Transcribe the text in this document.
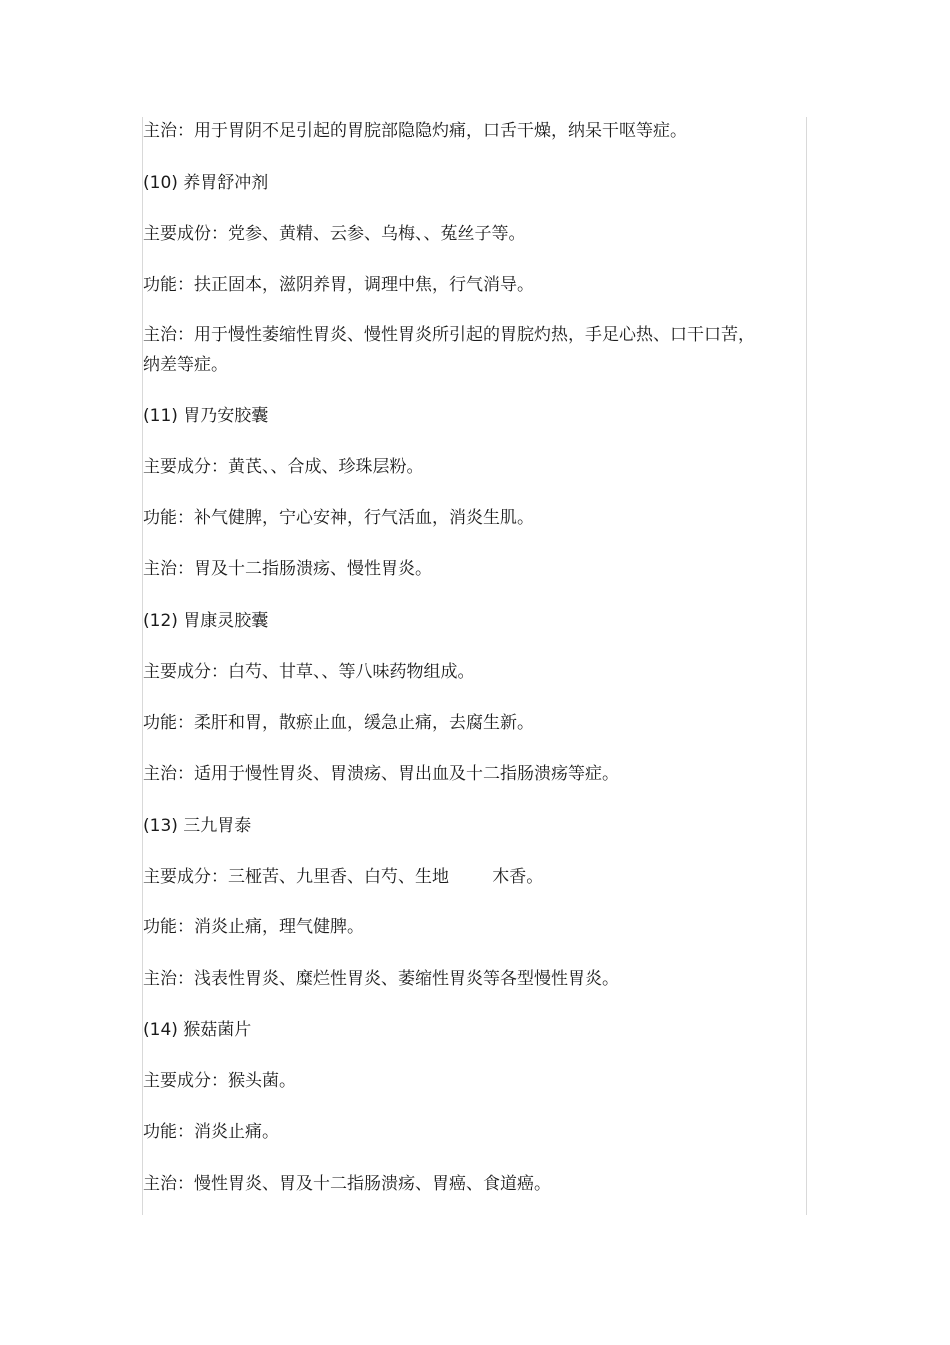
主治：用于胃阴不足引起的胃脘部隐隐灼痛，口舌干燥，纳呆干呕等症。

(10) 养胃舒冲剂

主要成份：党参、黄精、云参、乌梅、、菟丝子等。

功能：扶正固本，滋阴养胃，调理中焦，行气消导。

主治：用于慢性萎缩性胃炎、慢性胃炎所引起的胃脘灼热，手足心热、口干口苦，纳差等症。

(11) 胃乃安胶囊

主要成分：黄芪、、合成、珍珠层粉。

功能：补气健脾，宁心安神，行气活血，消炎生肌。

主治：胃及十二指肠溃疡、慢性胃炎。

(12) 胃康灵胶囊

主要成分：白芍、甘草、、等八味药物组成。

功能：柔肝和胃，散瘀止血，缓急止痛，去腐生新。

主治：适用于慢性胃炎、胃溃疡、胃出血及十二指肠溃疡等症。

(13) 三九胃泰

主要成分：三桠苦、九里香、白芍、生地        木香。

功能：消炎止痛，理气健脾。

主治：浅表性胃炎、糜烂性胃炎、萎缩性胃炎等各型慢性胃炎。

(14) 猴菇菌片

主要成分：猴头菌。

功能：消炎止痛。

主治：慢性胃炎、胃及十二指肠溃疡、胃癌、食道癌。
